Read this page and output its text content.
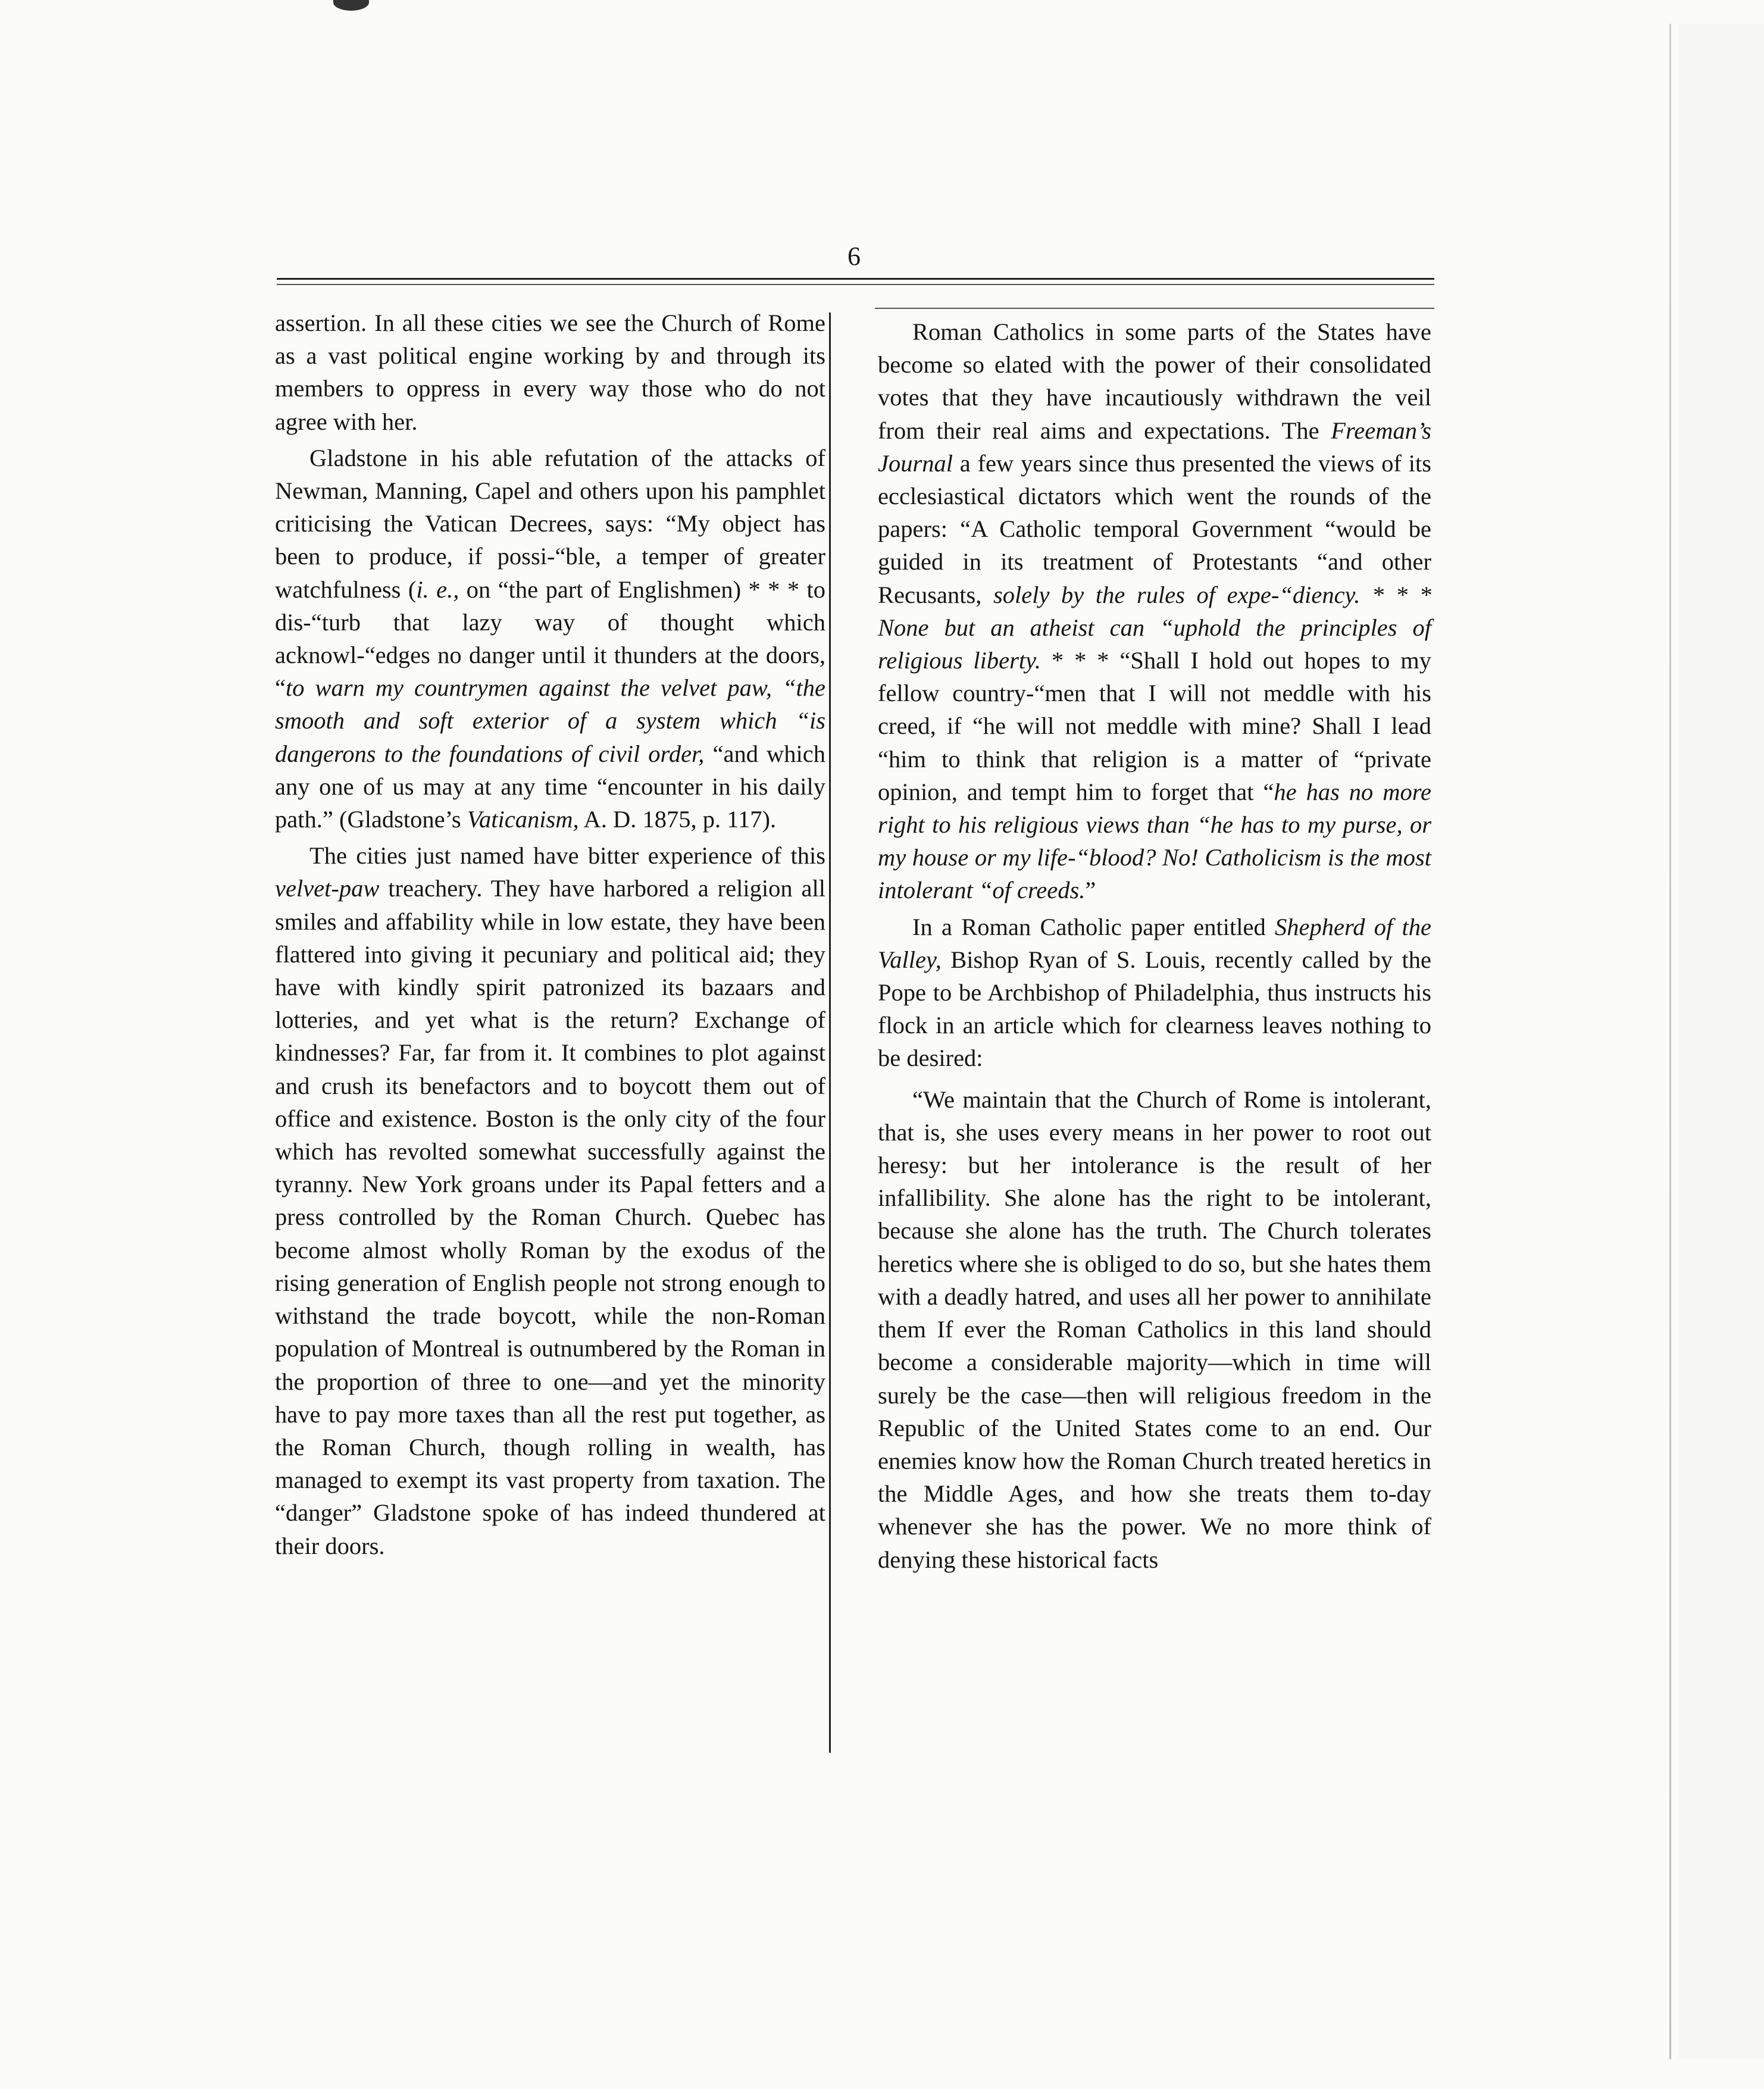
6

assertion. In all these cities we see the Church of Rome as a vast political engine working by and through its members to oppress in every way those who do not agree with her.

Gladstone in his able refutation of the attacks of Newman, Manning, Capel and others upon his pamphlet criticising the Vatican Decrees, says: “My object has been to produce, if possi-“ble, a temper of greater watchfulness (i. e., on “the part of Englishmen) * * * to dis-“turb that lazy way of thought which acknowl-“edges no danger until it thunders at the doors, “to warn my countrymen against the velvet paw, “the smooth and soft exterior of a system which “is dangerons to the foundations of civil order, “and which any one of us may at any time “encounter in his daily path.” (Gladstone’s Vaticanism, A. D. 1875, p. 117).

The cities just named have bitter experience of this velvet-paw treachery. They have harbored a religion all smiles and affability while in low estate, they have been flattered into giving it pecuniary and political aid; they have with kindly spirit patronized its bazaars and lotteries, and yet what is the return? Exchange of kindnesses? Far, far from it. It combines to plot against and crush its benefactors and to boycott them out of office and existence. Boston is the only city of the four which has revolted somewhat successfully against the tyranny. New York groans under its Papal fetters and a press controlled by the Roman Church. Quebec has become almost wholly Roman by the exodus of the rising generation of English people not strong enough to withstand the trade boycott, while the non-Roman population of Montreal is outnumbered by the Roman in the proportion of three to one—and yet the minority have to pay more taxes than all the rest put together, as the Roman Church, though rolling in wealth, has managed to exempt its vast property from taxation. The “danger” Gladstone spoke of has indeed thundered at their doors.

Roman Catholics in some parts of the States have become so elated with the power of their consolidated votes that they have incautiously withdrawn the veil from their real aims and expectations. The Freeman’s Journal a few years since thus presented the views of its ecclesiastical dictators which went the rounds of the papers: “A Catholic temporal Government “would be guided in its treatment of Protestants “and other Recusants, solely by the rules of expe-“diency. * * * None but an atheist can “uphold the principles of religious liberty. * * * “Shall I hold out hopes to my fellow country-“men that I will not meddle with his creed, if “he will not meddle with mine? Shall I lead “him to think that religion is a matter of “private opinion, and tempt him to forget that “he has no more right to his religious views than “he has to my purse, or my house or my life-“blood? No! Catholicism is the most intolerant “of creeds.”

In a Roman Catholic paper entitled Shepherd of the Valley, Bishop Ryan of S. Louis, recently called by the Pope to be Archbishop of Philadelphia, thus instructs his flock in an article which for clearness leaves nothing to be desired:

“We maintain that the Church of Rome is intolerant, that is, she uses every means in her power to root out heresy: but her intolerance is the result of her infallibility. She alone has the right to be intolerant, because she alone has the truth. The Church tolerates heretics where she is obliged to do so, but she hates them with a deadly hatred, and uses all her power to annihilate them If ever the Roman Catholics in this land should become a considerable majority—which in time will surely be the case—then will religious freedom in the Republic of the United States come to an end. Our enemies know how the Roman Church treated heretics in the Middle Ages, and how she treats them to-day whenever she has the power. We no more think of denying these historical facts
